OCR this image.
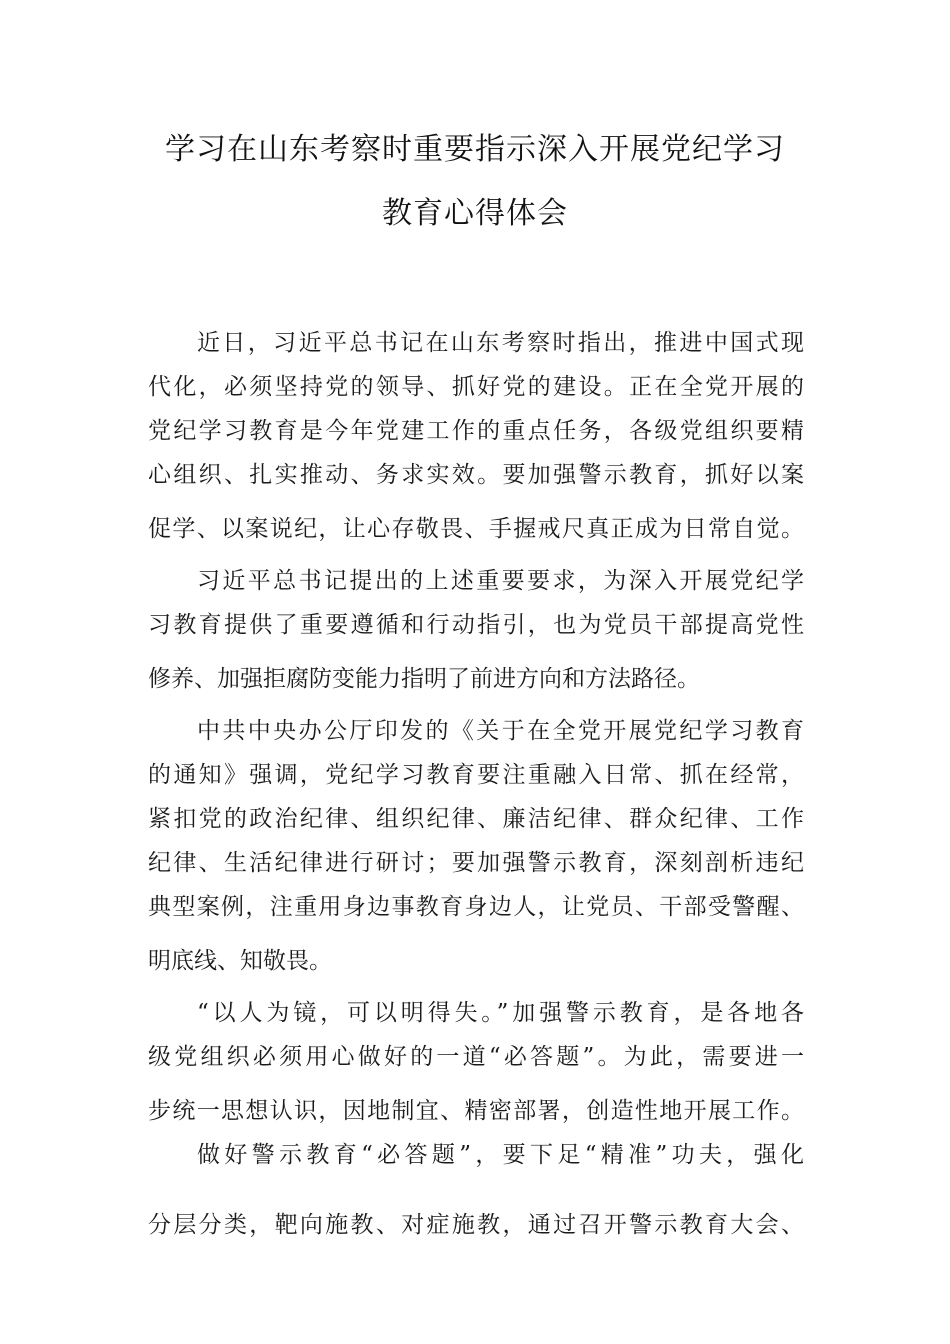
学习在山东考察时重要指示深入开展党纪学习
教育心得体会
近日，习近平总书记在山东考察时指出，推进中国式现
代化，必须坚持党的领导、抓好党的建设。正在全党开展的
党纪学习教育是今年党建工作的重点任务，各级党组织要精
心组织、扎实推动、务求实效。要加强警示教育，抓好以案
促学、以案说纪，让心存敬畏、手握戒尺真正成为日常自觉。
习近平总书记提出的上述重要要求，为深入开展党纪学
习教育提供了重要遵循和行动指引，也为党员干部提高党性
修养、加强拒腐防变能力指明了前进方向和方法路径。
中共中央办公厅印发的《关于在全党开展党纪学习教育
的通知》强调，党纪学习教育要注重融入日常、抓在经常，
紧扣党的政治纪律、组织纪律、廉洁纪律、群众纪律、工作
纪律、生活纪律进行研讨；要加强警示教育，深刻剖析违纪
典型案例，注重用身边事教育身边人，让党员、干部受警醒、
明底线、知敬畏。
“以人为镜，可以明得失。”加强警示教育，是各地各
级党组织必须用心做好的一道“必答题”。为此，需要进一
步统一思想认识，因地制宜、精密部署，创造性地开展工作。
做好警示教育“必答题”，要下足“精准”功夫，强化
分层分类，靶向施教、对症施教，通过召开警示教育大会、
